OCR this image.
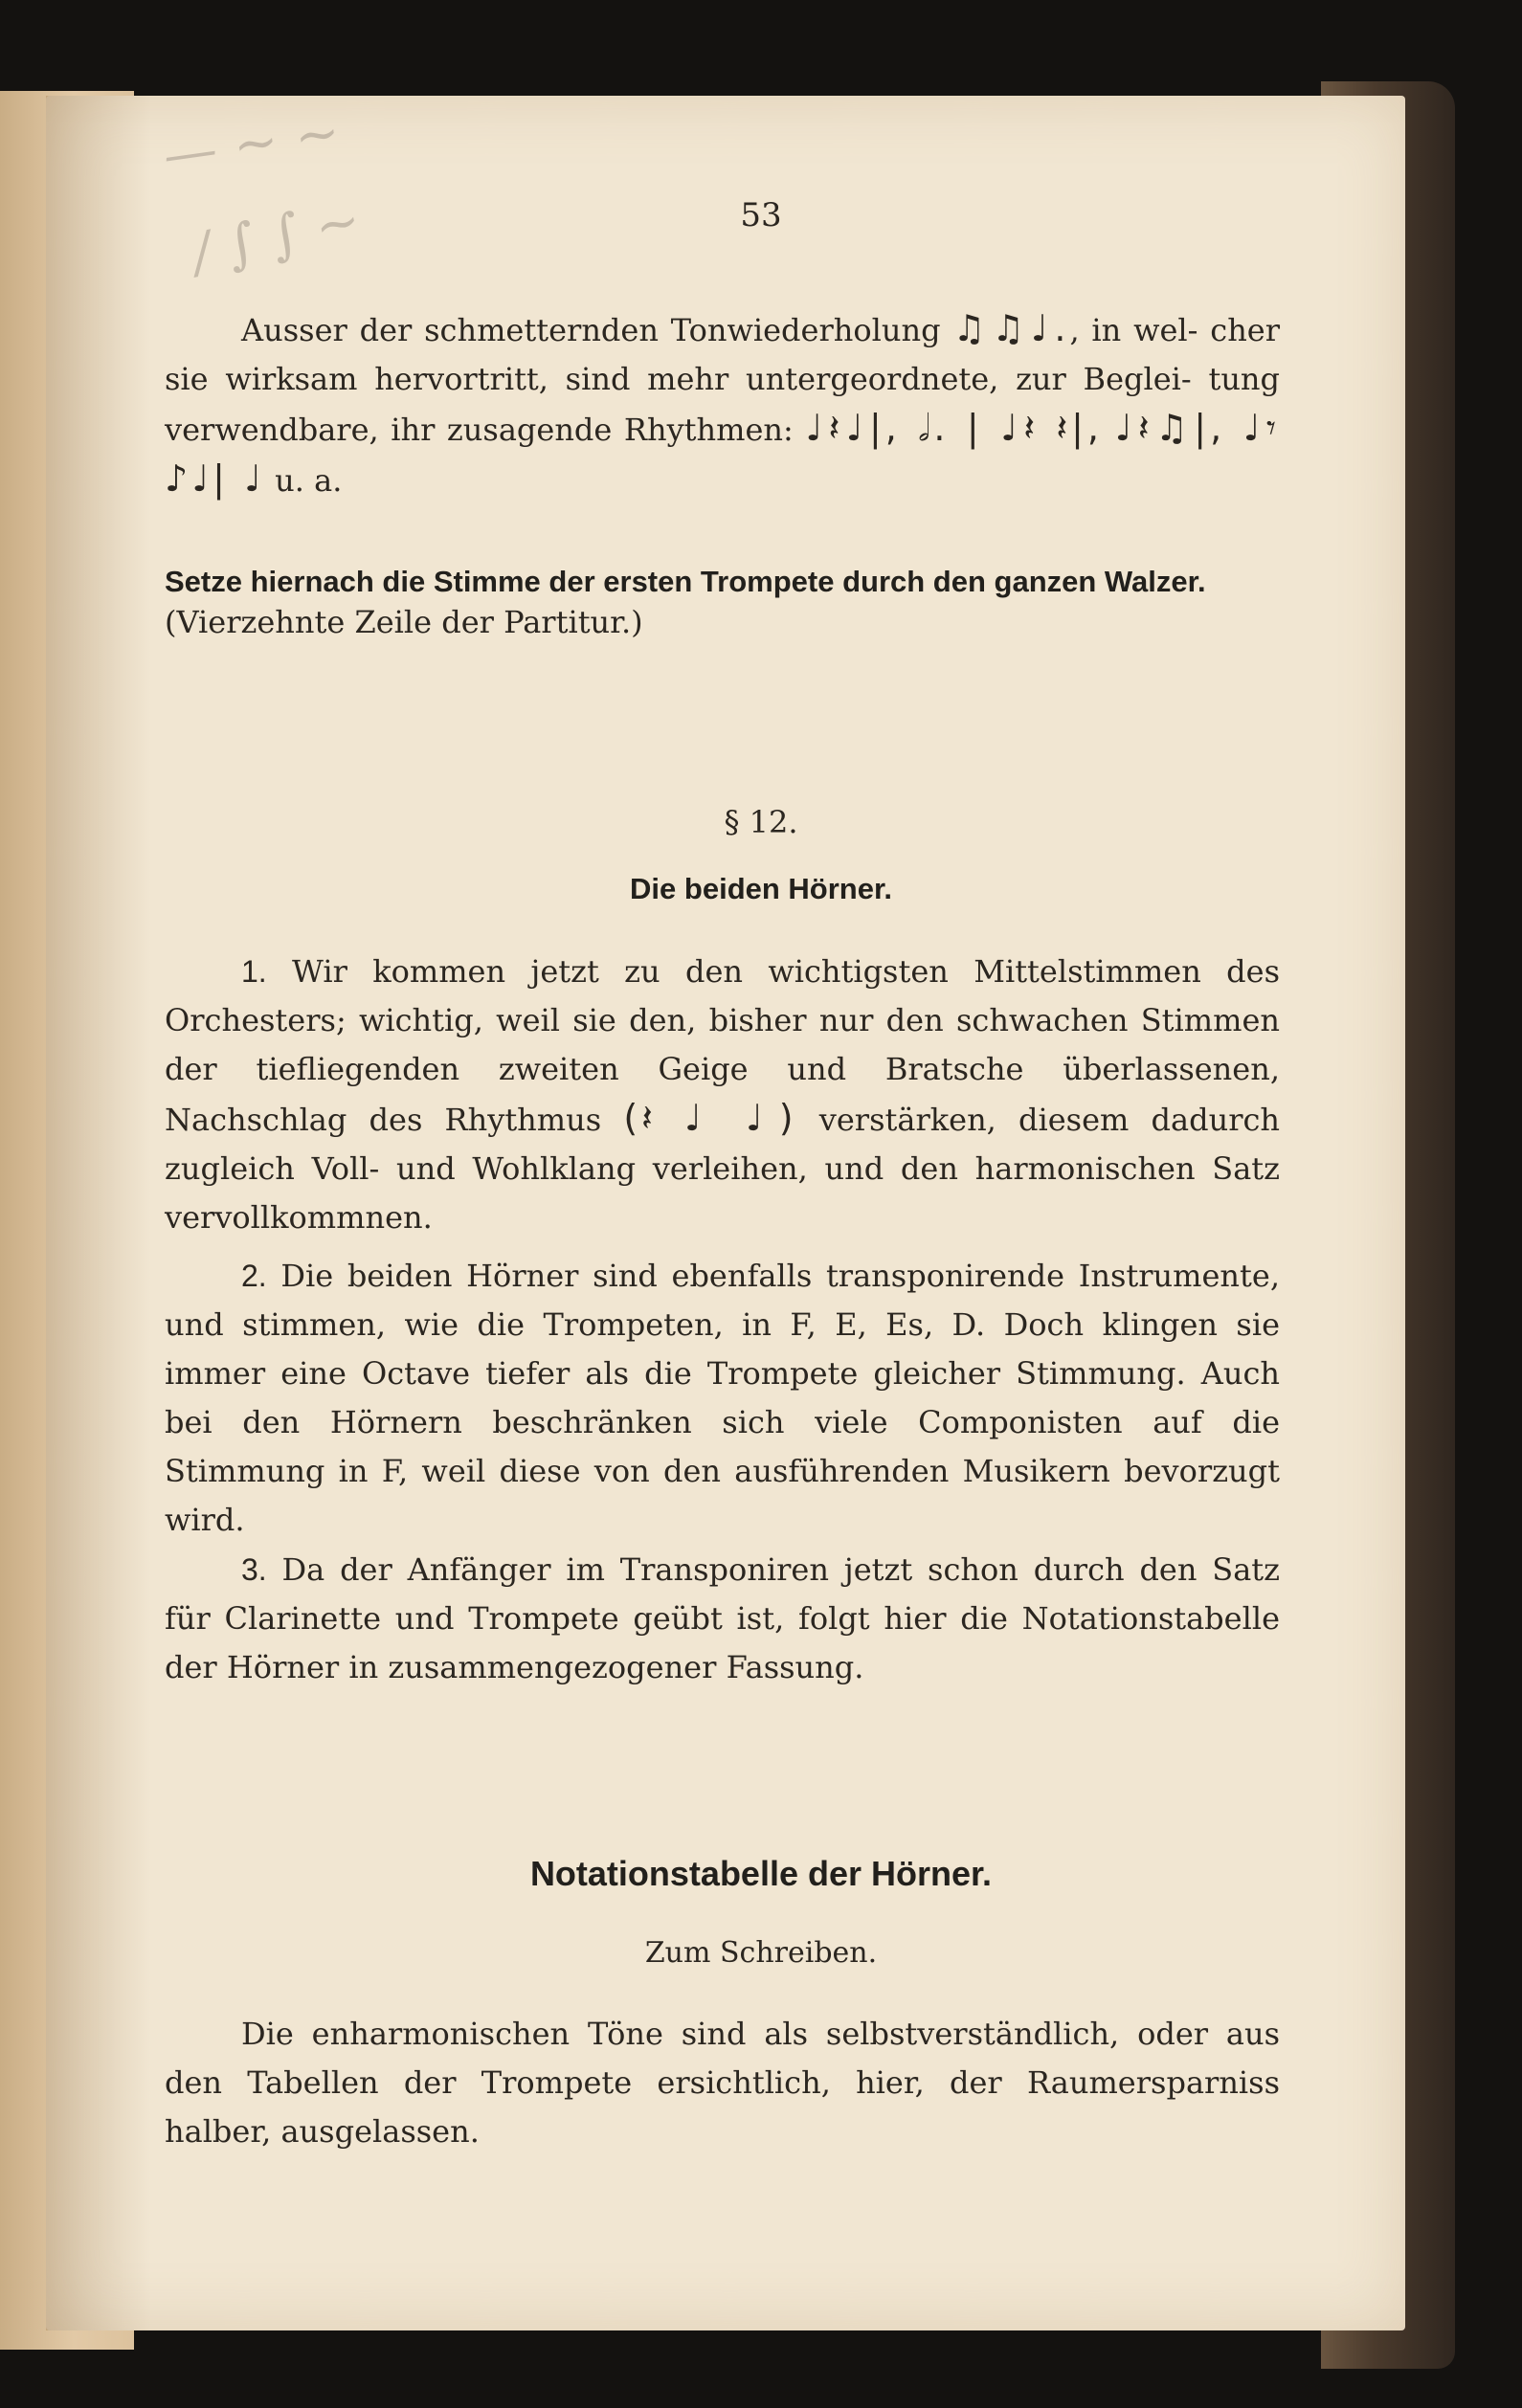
— ~ ~
/ ∫ ∫ ~	53

Ausser der schmetternden Tonwiederholung ♫♫♩., in wel- cher sie wirksam hervortritt, sind mehr untergeordnete, zur Beglei- tung verwendbare, ihr zusagende Rhythmen: ♩𝄽♩|, 𝅗𝅥. | ♩𝄽 𝄽|, ♩𝄽♫|, ♩𝄾 ♪♩| ♩ u. a.

Setze hiernach die Stimme der ersten Trompete durch den ganzen Walzer.

(Vierzehnte Zeile der Partitur.)

§ 12.
Die beiden Hörner.

1. Wir kommen jetzt zu den wichtigsten Mittelstimmen des Orchesters; wichtig, weil sie den, bisher nur den schwachen Stimmen der tiefliegenden zweiten Geige und Bratsche überlassenen, Nachschlag des Rhythmus (𝄽 ♩ ♩) verstärken, diesem dadurch zugleich Voll- und Wohlklang verleihen, und den harmonischen Satz vervollkommnen.

2. Die beiden Hörner sind ebenfalls transponirende Instrumente, und stimmen, wie die Trompeten, in F, E, Es, D. Doch klingen sie immer eine Octave tiefer als die Trompete gleicher Stimmung. Auch bei den Hörnern beschränken sich viele Componisten auf die Stimmung in F, weil diese von den ausführenden Musikern bevorzugt wird.

3. Da der Anfänger im Transponiren jetzt schon durch den Satz für Clarinette und Trompete geübt ist, folgt hier die Notationstabelle der Hörner in zusammengezogener Fassung.

Notationstabelle der Hörner.
Zum Schreiben.

Die enharmonischen Töne sind als selbstverständlich, oder aus den Tabellen der Trompete ersichtlich, hier, der Raumersparniss halber, ausgelassen.
